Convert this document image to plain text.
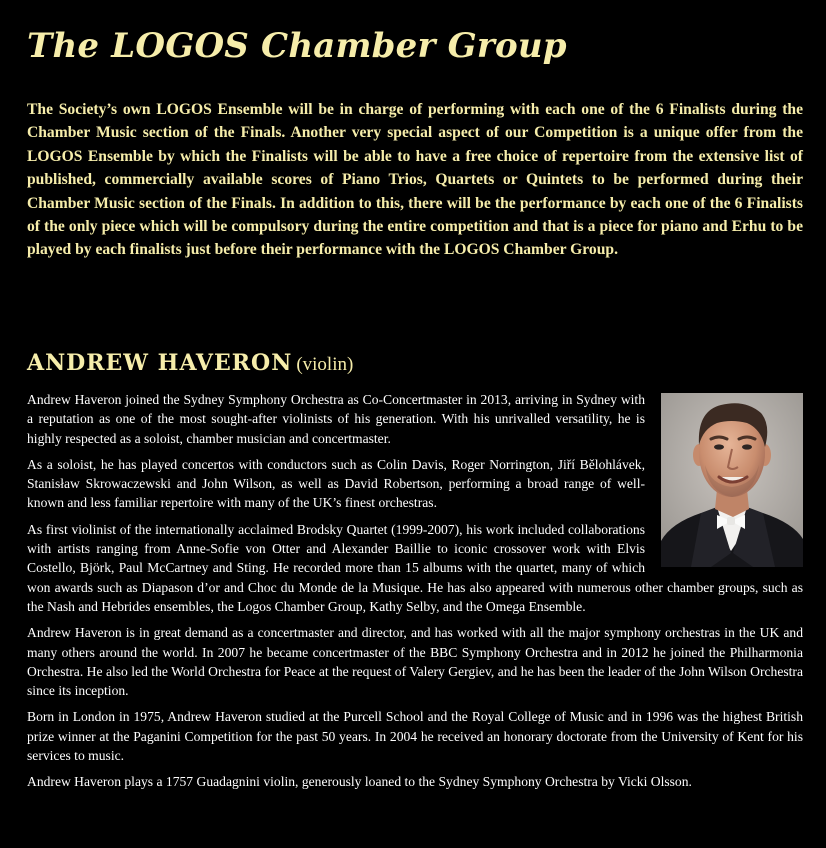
The LOGOS Chamber Group

The Society’s own LOGOS Ensemble will be in charge of performing with each one of the 6 Finalists during the Chamber Music section of the Finals. Another very special aspect of our Competition is a unique offer from the LOGOS Ensemble by which the Finalists will be able to have a free choice of repertoire from the extensive list of published, commercially available scores of Piano Trios, Quartets or Quintets to be performed during their Chamber Music section of the Finals. In addition to this, there will be the performance by each one of the 6 Finalists of the only piece which will be compulsory during the entire competition and that is a piece for piano and Erhu to be played by each finalists just before their performance with the LOGOS Chamber Group.

ANDREW HAVERON (violin)

Andrew Haveron joined the Sydney Symphony Orchestra as Co-Concertmaster in 2013, arriving in Sydney with a reputation as one of the most sought-after violinists of his generation. With his unrivalled versatility, he is highly respected as a soloist, chamber musician and concertmaster.

As a soloist, he has played concertos with conductors such as Colin Davis, Roger Norrington, Jiří Bělohlávek, Stanisław Skrowaczewski and John Wilson, as well as David Robertson, performing a broad range of well-known and less familiar repertoire with many of the UK’s finest orchestras.

As first violinist of the internationally acclaimed Brodsky Quartet (1999-2007), his work included collaborations with artists ranging from Anne-Sofie von Otter and Alexander Baillie to iconic crossover work with Elvis Costello, Björk, Paul McCartney and Sting. He recorded more than 15 albums with the quartet, many of which won awards such as Diapason d’or and Choc du Monde de la Musique. He has also appeared with numerous other chamber groups, such as the Nash and Hebrides ensembles, the Logos Chamber Group, Kathy Selby, and the Omega Ensemble.

Andrew Haveron is in great demand as a concertmaster and director, and has worked with all the major symphony orchestras in the UK and many others around the world. In 2007 he became concertmaster of the BBC Symphony Orchestra and in 2012 he joined the Philharmonia Orchestra. He also led the World Orchestra for Peace at the request of Valery Gergiev, and he has been the leader of the John Wilson Orchestra since its inception.

Born in London in 1975, Andrew Haveron studied at the Purcell School and the Royal College of Music and in 1996 was the highest British prize winner at the Paganini Competition for the past 50 years. In 2004 he received an honorary doctorate from the University of Kent for his services to music.

Andrew Haveron plays a 1757 Guadagnini violin, generously loaned to the Sydney Symphony Orchestra by Vicki Olsson.
